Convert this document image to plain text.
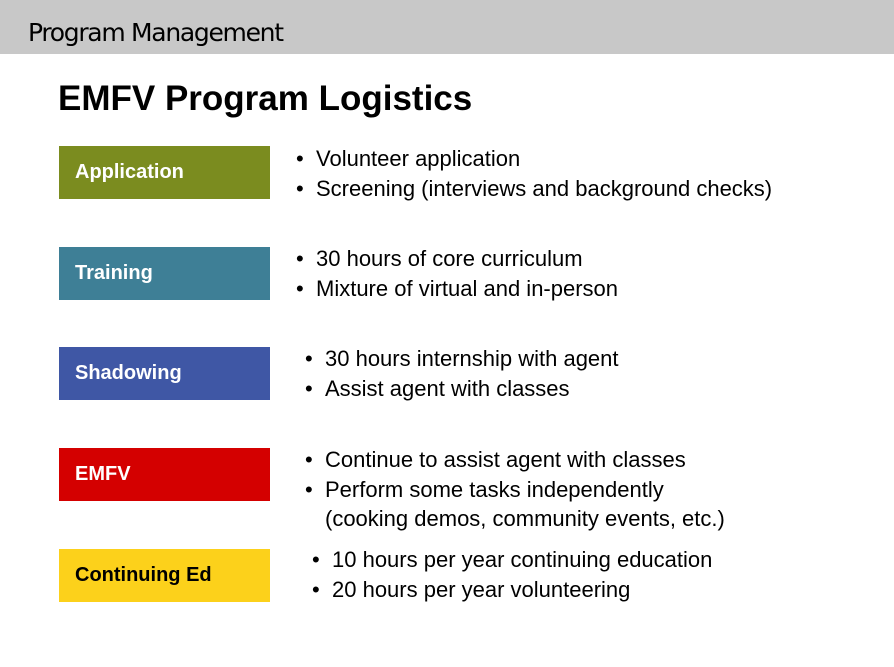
Program Management
EMFV Program Logistics
Application
• Volunteer application
• Screening (interviews and background checks)
Training
• 30 hours of core curriculum
• Mixture of virtual and in-person
Shadowing
• 30 hours internship with agent
• Assist agent with classes
EMFV
• Continue to assist agent with classes
• Perform some tasks independently
(cooking demos, community events, etc.)
Continuing Ed
• 10 hours per year continuing education
• 20 hours per year volunteering
